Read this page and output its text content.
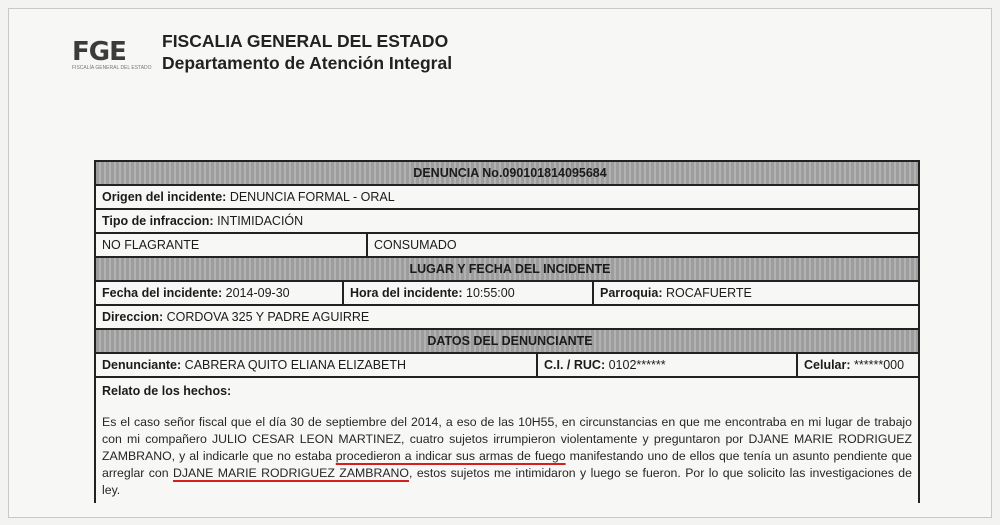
FGE
FISCALÍA GENERAL DEL ESTADO
FISCALIA GENERAL DEL ESTADO
Departamento de Atención Integral
DENUNCIA No.090101814095684
Origen del incidente: DENUNCIA FORMAL - ORAL
Tipo de infraccion: INTIMIDACIÓN
NO FLAGRANTE	CONSUMADO
LUGAR Y FECHA DEL INCIDENTE
Fecha del incidente: 2014-09-30	Hora del incidente: 10:55:00	Parroquia: ROCAFUERTE
Direccion: CORDOVA 325 Y PADRE AGUIRRE
DATOS DEL DENUNCIANTE
Denunciante: CABRERA QUITO ELIANA ELIZABETH	C.I. / RUC: 0102******	Celular: ******000
Relato de los hechos:
Es el caso señor fiscal que el día 30 de septiembre del 2014, a eso de las 10H55, en circunstancias en que me encontraba en mi lugar de trabajo con mi compañero JULIO CESAR LEON MARTINEZ, cuatro sujetos irrumpieron violentamente y preguntaron por DJANE MARIE RODRIGUEZ ZAMBRANO, y al indicarle que no estaba procedieron a indicar sus armas de fuego manifestando uno de ellos que tenía un asunto pendiente que arreglar con DJANE MARIE RODRIGUEZ ZAMBRANO, estos sujetos me intimidaron y luego se fueron. Por lo que solicito las investigaciones de ley.
